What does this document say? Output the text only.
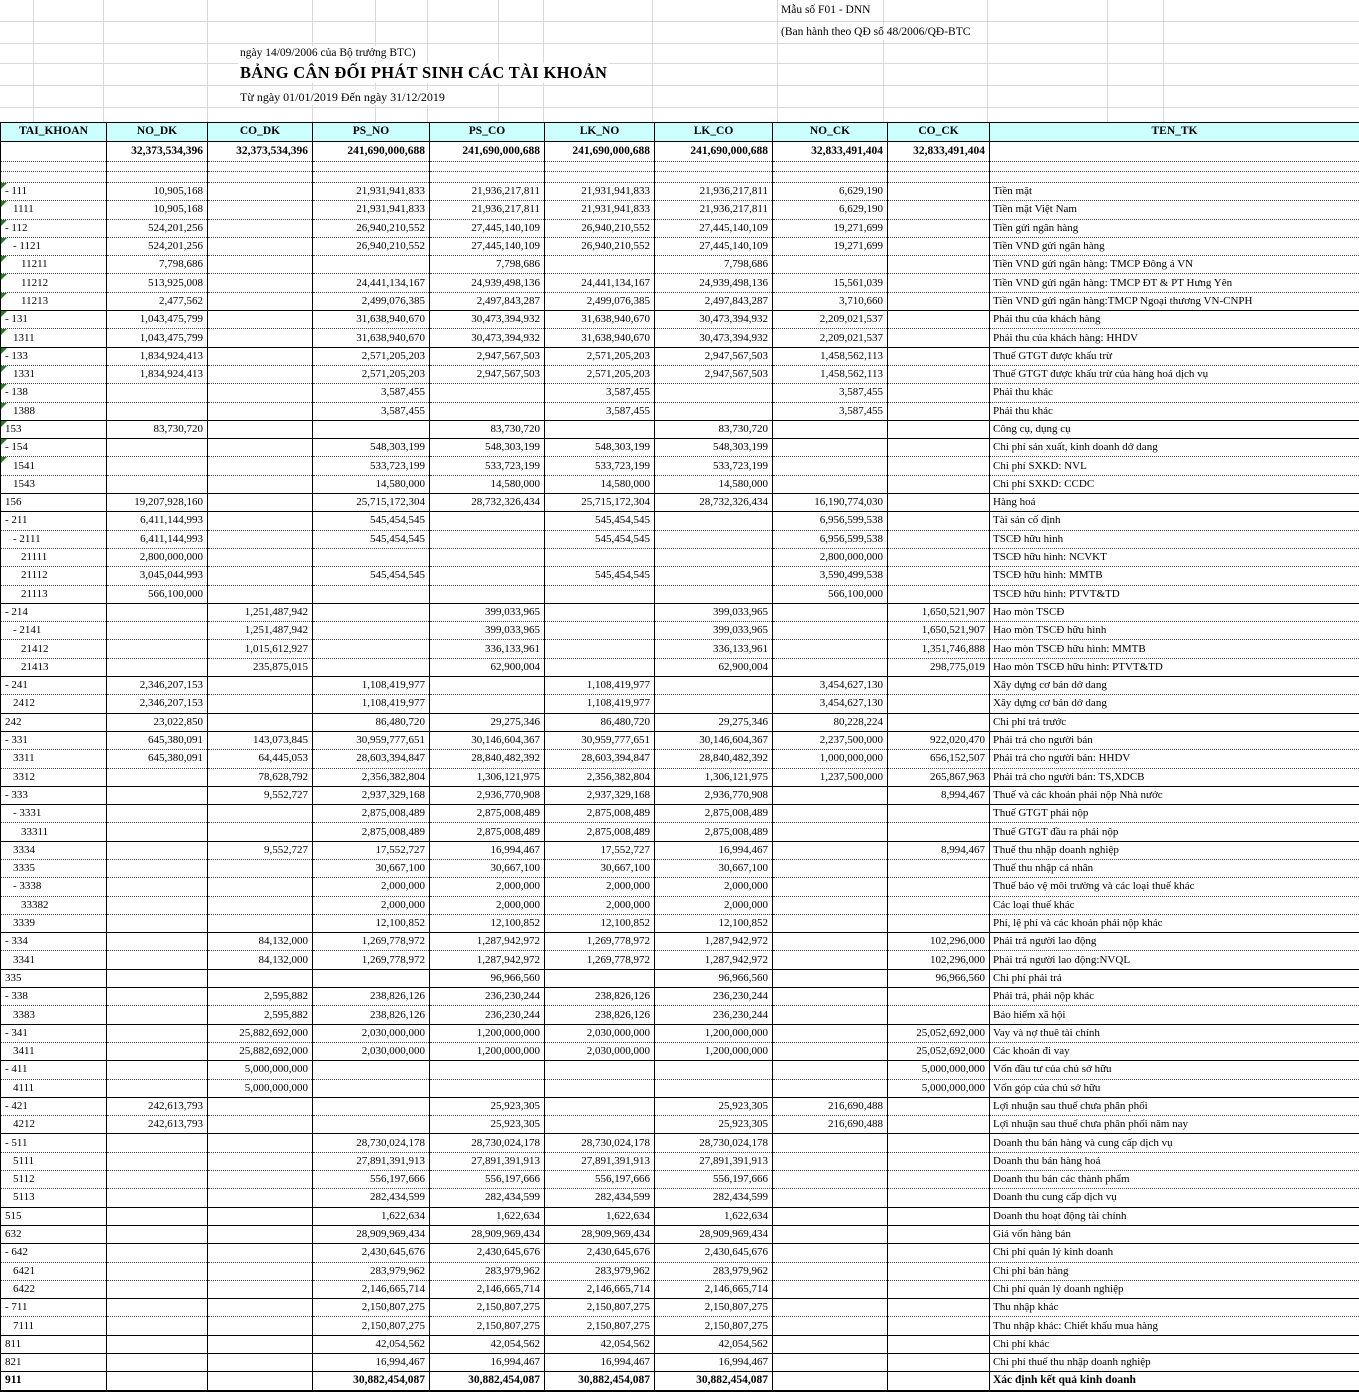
Mẫu số F01 - DNN
(Ban hành theo QĐ số 48/2006/QĐ-BTC
ngày 14/09/2006 của Bộ trưởng BTC)
BẢNG CÂN ĐỐI PHÁT SINH CÁC TÀI KHOẢN
Từ ngày 01/01/2019 Đến ngày 31/12/2019
TAI_KHOAN	NO_DK	CO_DK	PS_NO	PS_CO	LK_NO	LK_CO	NO_CK	CO_CK	TEN_TK
	32,373,534,396	32,373,534,396	241,690,000,688	241,690,000,688	241,690,000,688	241,690,000,688	32,833,491,404	32,833,491,404	

- 111	10,905,168		21,931,941,833	21,936,217,811	21,931,941,833	21,936,217,811	6,629,190		Tiền mặt
1111	10,905,168		21,931,941,833	21,936,217,811	21,931,941,833	21,936,217,811	6,629,190		Tiền mặt Việt Nam
- 112	524,201,256		26,940,210,552	27,445,140,109	26,940,210,552	27,445,140,109	19,271,699		Tiền gửi ngân hàng
- 1121	524,201,256		26,940,210,552	27,445,140,109	26,940,210,552	27,445,140,109	19,271,699		Tiền VND gửi ngân hàng
11211	7,798,686			7,798,686		7,798,686			Tiền VND gửi ngân hàng: TMCP Đông á VN
11212	513,925,008		24,441,134,167	24,939,498,136	24,441,134,167	24,939,498,136	15,561,039		Tiền VND gửi ngân hàng: TMCP ĐT & PT Hưng Yên
11213	2,477,562		2,499,076,385	2,497,843,287	2,499,076,385	2,497,843,287	3,710,660		Tiền VND gửi ngân hàng:TMCP Ngoại thương VN-CNPH
- 131	1,043,475,799		31,638,940,670	30,473,394,932	31,638,940,670	30,473,394,932	2,209,021,537		Phải thu của khách hàng
1311	1,043,475,799		31,638,940,670	30,473,394,932	31,638,940,670	30,473,394,932	2,209,021,537		Phải thu của khách hàng: HHDV
- 133	1,834,924,413		2,571,205,203	2,947,567,503	2,571,205,203	2,947,567,503	1,458,562,113		Thuế GTGT được khấu trừ
1331	1,834,924,413		2,571,205,203	2,947,567,503	2,571,205,203	2,947,567,503	1,458,562,113		Thuế GTGT được khấu trừ của hàng hoá dịch vụ
- 138			3,587,455		3,587,455		3,587,455		Phải thu khác
1388			3,587,455		3,587,455		3,587,455		Phải thu khác
153	83,730,720			83,730,720		83,730,720			Công cụ, dụng cụ
- 154			548,303,199	548,303,199	548,303,199	548,303,199			Chi phí sản xuất, kinh doanh dở dang
1541			533,723,199	533,723,199	533,723,199	533,723,199			Chi phí SXKD: NVL
1543			14,580,000	14,580,000	14,580,000	14,580,000			Chi phí SXKD: CCDC
156	19,207,928,160		25,715,172,304	28,732,326,434	25,715,172,304	28,732,326,434	16,190,774,030		Hàng hoá
- 211	6,411,144,993		545,454,545		545,454,545		6,956,599,538		Tài sản cố định
- 2111	6,411,144,993		545,454,545		545,454,545		6,956,599,538		TSCĐ hữu hình
21111	2,800,000,000						2,800,000,000		TSCĐ hữu hình: NCVKT
21112	3,045,044,993		545,454,545		545,454,545		3,590,499,538		TSCĐ hữu hình: MMTB
21113	566,100,000						566,100,000		TSCĐ hữu hình: PTVT&TD
- 214		1,251,487,942		399,033,965		399,033,965		1,650,521,907	Hao mòn TSCĐ
- 2141		1,251,487,942		399,033,965		399,033,965		1,650,521,907	Hao mòn TSCĐ hữu hình
21412		1,015,612,927		336,133,961		336,133,961		1,351,746,888	Hao mòn TSCĐ hữu hình: MMTB
21413		235,875,015		62,900,004		62,900,004		298,775,019	Hao mòn TSCĐ hữu hình: PTVT&TD
- 241	2,346,207,153		1,108,419,977		1,108,419,977		3,454,627,130		Xây dựng cơ bản dở dang
2412	2,346,207,153		1,108,419,977		1,108,419,977		3,454,627,130		Xây dựng cơ bản dở dang
242	23,022,850		86,480,720	29,275,346	86,480,720	29,275,346	80,228,224		Chi phí trả trước
- 331	645,380,091	143,073,845	30,959,777,651	30,146,604,367	30,959,777,651	30,146,604,367	2,237,500,000	922,020,470	Phải trả cho người bán
3311	645,380,091	64,445,053	28,603,394,847	28,840,482,392	28,603,394,847	28,840,482,392	1,000,000,000	656,152,507	Phải trả cho người bán: HHDV
3312		78,628,792	2,356,382,804	1,306,121,975	2,356,382,804	1,306,121,975	1,237,500,000	265,867,963	Phải trả cho người bán: TS,XDCB
- 333		9,552,727	2,937,329,168	2,936,770,908	2,937,329,168	2,936,770,908		8,994,467	Thuế và các khoản phải nộp Nhà nước
- 3331			2,875,008,489	2,875,008,489	2,875,008,489	2,875,008,489			Thuế GTGT phải nộp
33311			2,875,008,489	2,875,008,489	2,875,008,489	2,875,008,489			Thuế GTGT đầu ra phải nộp
3334		9,552,727	17,552,727	16,994,467	17,552,727	16,994,467		8,994,467	Thuế thu nhập doanh nghiệp
3335			30,667,100	30,667,100	30,667,100	30,667,100			Thuế thu nhập cá nhân
- 3338			2,000,000	2,000,000	2,000,000	2,000,000			Thuế bảo vệ môi trường và các loại thuế khác
33382			2,000,000	2,000,000	2,000,000	2,000,000			Các loại thuế khác
3339			12,100,852	12,100,852	12,100,852	12,100,852			Phí, lệ phí và các khoản phải nộp khác
- 334		84,132,000	1,269,778,972	1,287,942,972	1,269,778,972	1,287,942,972		102,296,000	Phải trả người lao động
3341		84,132,000	1,269,778,972	1,287,942,972	1,269,778,972	1,287,942,972		102,296,000	Phải trả người lao động:NVQL
335				96,966,560		96,966,560		96,966,560	Chi phí phải trả
- 338		2,595,882	238,826,126	236,230,244	238,826,126	236,230,244			Phải trả, phải nộp khác
3383		2,595,882	238,826,126	236,230,244	238,826,126	236,230,244			Bảo hiểm xã hội
- 341		25,882,692,000	2,030,000,000	1,200,000,000	2,030,000,000	1,200,000,000		25,052,692,000	Vay và nợ thuê tài chính
3411		25,882,692,000	2,030,000,000	1,200,000,000	2,030,000,000	1,200,000,000		25,052,692,000	Các khoản đi vay
- 411		5,000,000,000						5,000,000,000	Vốn đầu tư của chủ sở hữu
4111		5,000,000,000						5,000,000,000	Vốn góp của chủ sở hữu
- 421	242,613,793			25,923,305		25,923,305	216,690,488		Lợi nhuận sau thuế chưa phân phối
4212	242,613,793			25,923,305		25,923,305	216,690,488		Lợi nhuận sau thuế chưa phân phối năm nay
- 511			28,730,024,178	28,730,024,178	28,730,024,178	28,730,024,178			Doanh thu bán hàng và cung cấp dịch vụ
5111			27,891,391,913	27,891,391,913	27,891,391,913	27,891,391,913			Doanh thu bán hàng hoá
5112			556,197,666	556,197,666	556,197,666	556,197,666			Doanh thu bán các thành phẩm
5113			282,434,599	282,434,599	282,434,599	282,434,599			Doanh thu cung cấp dịch vụ
515			1,622,634	1,622,634	1,622,634	1,622,634			Doanh thu hoạt động tài chính
632			28,909,969,434	28,909,969,434	28,909,969,434	28,909,969,434			Giá vốn hàng bán
- 642			2,430,645,676	2,430,645,676	2,430,645,676	2,430,645,676			Chi phí quản lý kinh doanh
6421			283,979,962	283,979,962	283,979,962	283,979,962			Chi phí bán hàng
6422			2,146,665,714	2,146,665,714	2,146,665,714	2,146,665,714			Chi phí quản lý doanh nghiệp
- 711			2,150,807,275	2,150,807,275	2,150,807,275	2,150,807,275			Thu nhập khác
7111			2,150,807,275	2,150,807,275	2,150,807,275	2,150,807,275			Thu nhập khác: Chiết khấu mua hàng
811			42,054,562	42,054,562	42,054,562	42,054,562			Chi phí khác
821			16,994,467	16,994,467	16,994,467	16,994,467			Chi phí thuế thu nhập doanh nghiệp
911			30,882,454,087	30,882,454,087	30,882,454,087	30,882,454,087			Xác định kết quả kinh doanh
